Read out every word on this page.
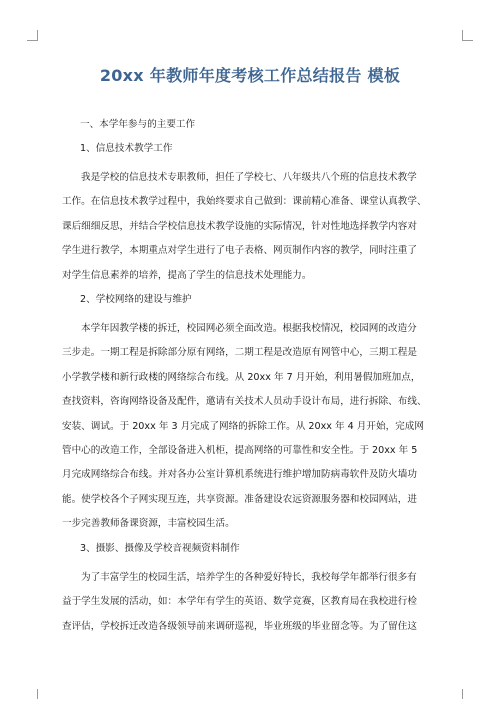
20xx 年教师年度考核工作总结报告 模板
一、本学年参与的主要工作
1、信息技术教学工作
我是学校的信息技术专职教师，担任了学校七、八年级共八个班的信息技术教学
工作。在信息技术教学过程中，我始终要求自己做到：课前精心准备、课堂认真教学、
课后细细反思，并结合学校信息技术教学设施的实际情况，针对性地选择教学内容对
学生进行教学，本期重点对学生进行了电子表格、网页制作内容的教学，同时注重了
对学生信息素养的培养，提高了学生的信息技术处理能力。
2、学校网络的建设与维护
本学年因教学楼的拆迁，校园网必须全面改造。根据我校情况，校园网的改造分
三步走。一期工程是拆除部分原有网络，二期工程是改造原有网管中心，三期工程是
小学教学楼和新行政楼的网络综合布线。从 20xx 年 7 月开始，利用暑假加班加点，
查找资料，咨询网络设备及配件，邀请有关技术人员动手设计布局，进行拆除、布线、
安装、调试。于 20xx 年 3 月完成了网络的拆除工作。从 20xx 年 4 月开始，完成网
管中心的改造工作，全部设备进入机柜，提高网络的可靠性和安全性。于 20xx 年 5
月完成网络综合布线。并对各办公室计算机系统进行维护增加防病毒软件及防火墙功
能。使学校各个子网实现互连，共享资源。准备建设农远资源服务器和校园网站，进
一步完善教师备课资源，丰富校园生活。
3、摄影、摄像及学校音视频资料制作
为了丰富学生的校园生活，培养学生的各种爱好特长，我校每学年都举行很多有
益于学生发展的活动，如：本学年有学生的英语、数学竞赛，区教育局在我校进行检
查评估，学校拆迁改造各级领导前来调研巡视，毕业班级的毕业留念等。为了留住这
